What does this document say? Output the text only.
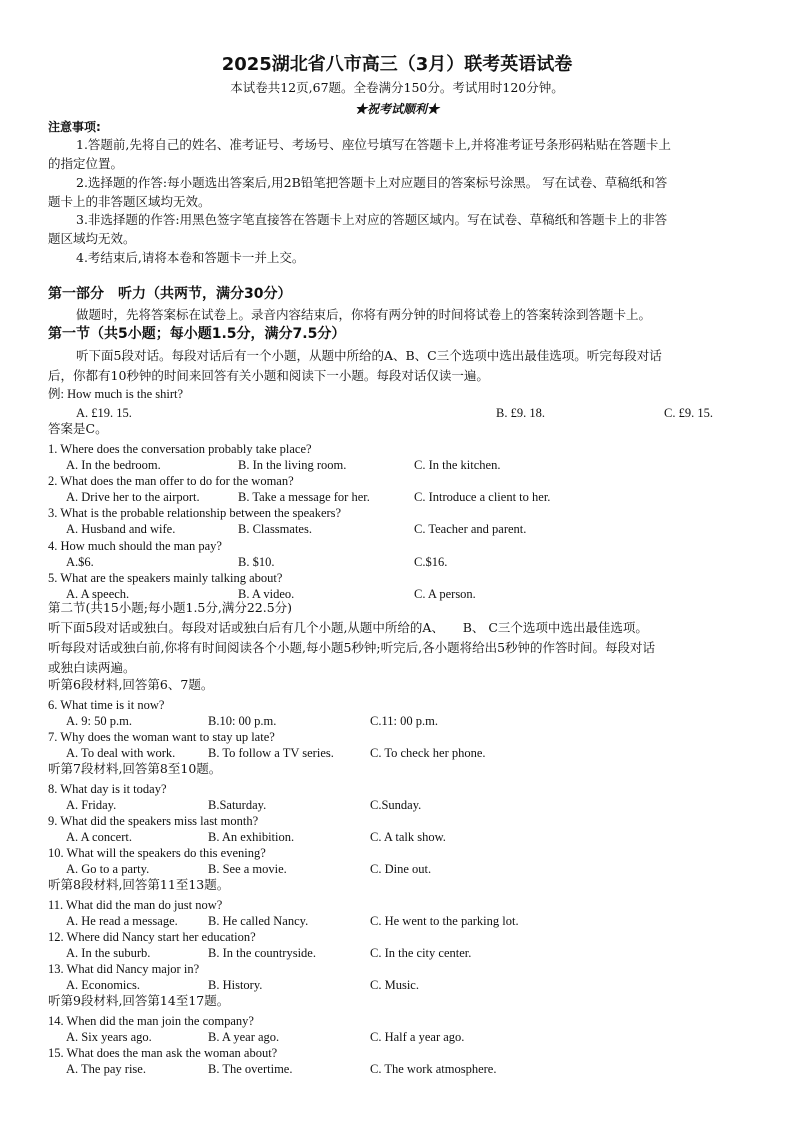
2025湖北省八市高三（3月）联考英语试卷
本试卷共12页,67题。全卷满分150分。考试用时120分钟。
★祝考试顺利★
注意事项:
1.答题前,先将自己的姓名、准考证号、考场号、座位号填写在答题卡上,并将准考证号条形码粘贴在答题卡上
的指定位置。
2.选择题的作答:每小题选出答案后,用2B铅笔把答题卡上对应题目的答案标号涂黑。 写在试卷、草稿纸和答
题卡上的非答题区域均无效。
3.非选择题的作答:用黑色签字笔直接答在答题卡上对应的答题区域内。写在试卷、草稿纸和答题卡上的非答
题区域均无效。
4.考结束后,请将本卷和答题卡一并上交。
第一部分　听力（共两节，满分30分）
做题时，先将答案标在试卷上。录音内容结束后，你将有两分钟的时间将试卷上的答案转涂到答题卡上。
第一节（共5小题；每小题1.5分，满分7.5分）
听下面5段对话。每段对话后有一个小题，从题中所给的A、B、C三个选项中选出最佳选项。听完每段对话
后，你都有10秒钟的时间来回答有关小题和阅读下一小题。每段对话仅读一遍。
例: How much is the shirt?
A. £19. 15.	B. £9. 18.	C. £9. 15.
答案是C。
第二节(共15小题;每小题1.5分,满分22.5分)
听下面5段对话或独白。每段对话或独白后有几个小题,从题中所给的A、　　B、 C三个选项中选出最佳选项。
听每段对话或独白前,你将有时间阅读各个小题,每小题5秒钟;听完后,各小题将给出5秒钟的作答时间。每段对话
或独白读两遍。
1. Where does the conversation probably take place?
A. In the bedroom.	B. In the living room.	C. In the kitchen.
2. What does the man offer to do for the woman?
A. Drive her to the airport.	B. Take a message for her.	C. Introduce a client to her.
3. What is the probable relationship between the speakers?
A. Husband and wife.	B. Classmates.	C. Teacher and parent.
4. How much should the man pay?
A.$6.	B. $10.	C.$16.
5. What are the speakers mainly talking about?
A. A speech.	B. A video.	C. A person.
听第6段材料,回答第6、7题。
6. What time is it now?
A. 9: 50 p.m.	B.10: 00 p.m.	C.11: 00 p.m.
7. Why does the woman want to stay up late?
A. To deal with work.	B. To follow a TV series.	C. To check her phone.
听第7段材料,回答第8至10题。
8. What day is it today?
A. Friday.	B.Saturday.	C.Sunday.
9. What did the speakers miss last month?
A. A concert.	B. An exhibition.	C. A talk show.
10. What will the speakers do this evening?
A. Go to a party.	B. See a movie.	C. Dine out.
听第8段材料,回答第11至13题。
11. What did the man do just now?
A. He read a message. B. He called Nancy.	C. He went to the parking lot.
12. Where did Nancy start her education?
A. In the suburb.	B. In the countryside.	C. In the city center.
13. What did Nancy major in?
A. Economics.	B. History.	C. Music.
听第9段材料,回答第14至17题。
14. When did the man join the company?
A. Six years ago.	B. A year ago.	C. Half a year ago.
15. What does the man ask the woman about?
A. The pay rise.	B. The overtime.	C. The work atmosphere.
